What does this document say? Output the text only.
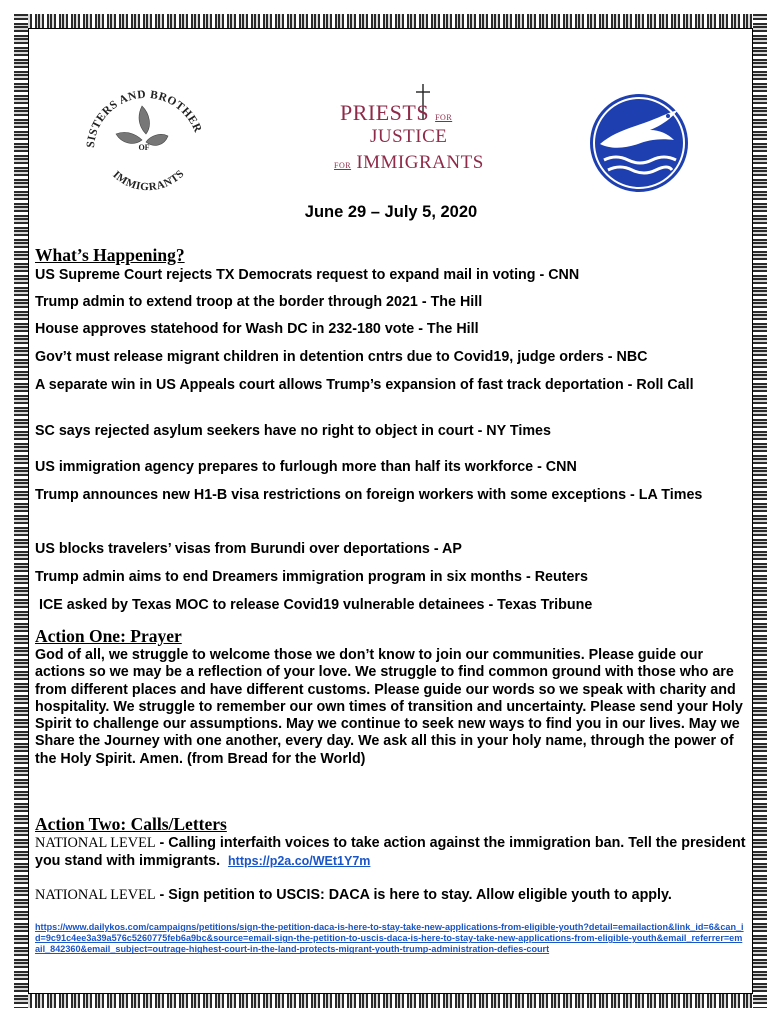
SISTERS AND BROTHER
OF
IMMIGRANTS
PRIESTS FOR
JUSTICE
FOR IMMIGRANTS
June 29 – July 5, 2020
What’s Happening?
US Supreme Court rejects TX Democrats request to expand mail in voting - CNN
Trump admin to extend troop at the border through 2021 - The Hill
House approves statehood for Wash DC in 232-180 vote - The Hill
Gov’t must release migrant children in detention cntrs due to Covid19, judge orders - NBC
A separate win in US Appeals court allows Trump’s expansion of fast track deportation - Roll Call
SC says rejected asylum seekers have no right to object in court - NY Times
US immigration agency prepares to furlough more than half its workforce - CNN
Trump announces new H1-B visa restrictions on foreign workers with some exceptions - LA Times
US blocks travelers’ visas from Burundi over deportations - AP
Trump admin aims to end Dreamers immigration program in six months - Reuters
ICE asked by Texas MOC to release Covid19 vulnerable detainees - Texas Tribune
Action One: Prayer
God of all, we struggle to welcome those we don’t know to join our communities. Please guide our actions so we may be a reflection of your love. We struggle to find common ground with those who are from different places and have different customs. Please guide our words so we speak with charity and hospitality. We struggle to remember our own times of transition and uncertainty. Please send your Holy Spirit to challenge our assumptions. May we continue to seek new ways to find you in our lives. May we Share the Journey with one another, every day. We ask all this in your holy name, through the power of the Holy Spirit. Amen. (from Bread for the World)
Action Two: Calls/Letters
NATIONAL LEVEL - Calling interfaith voices to take action against the immigration ban. Tell the president you stand with immigrants.  https://p2a.co/WEt1Y7m
NATIONAL LEVEL - Sign petition to USCIS: DACA is here to stay. Allow eligible youth to apply.
https://www.dailykos.com/campaigns/petitions/sign-the-petition-daca-is-here-to-stay-take-new-applications-from-eligible-youth?detail=emailaction&link_id=6&can_id=9c91c4ee3a39a576c5260775feb6a9bc&source=email-sign-the-petition-to-uscis-daca-is-here-to-stay-take-new-applications-from-eligible-youth&email_referrer=email_842360&email_subject=outrage-highest-court-in-the-land-protects-migrant-youth-trump-administration-defies-court
